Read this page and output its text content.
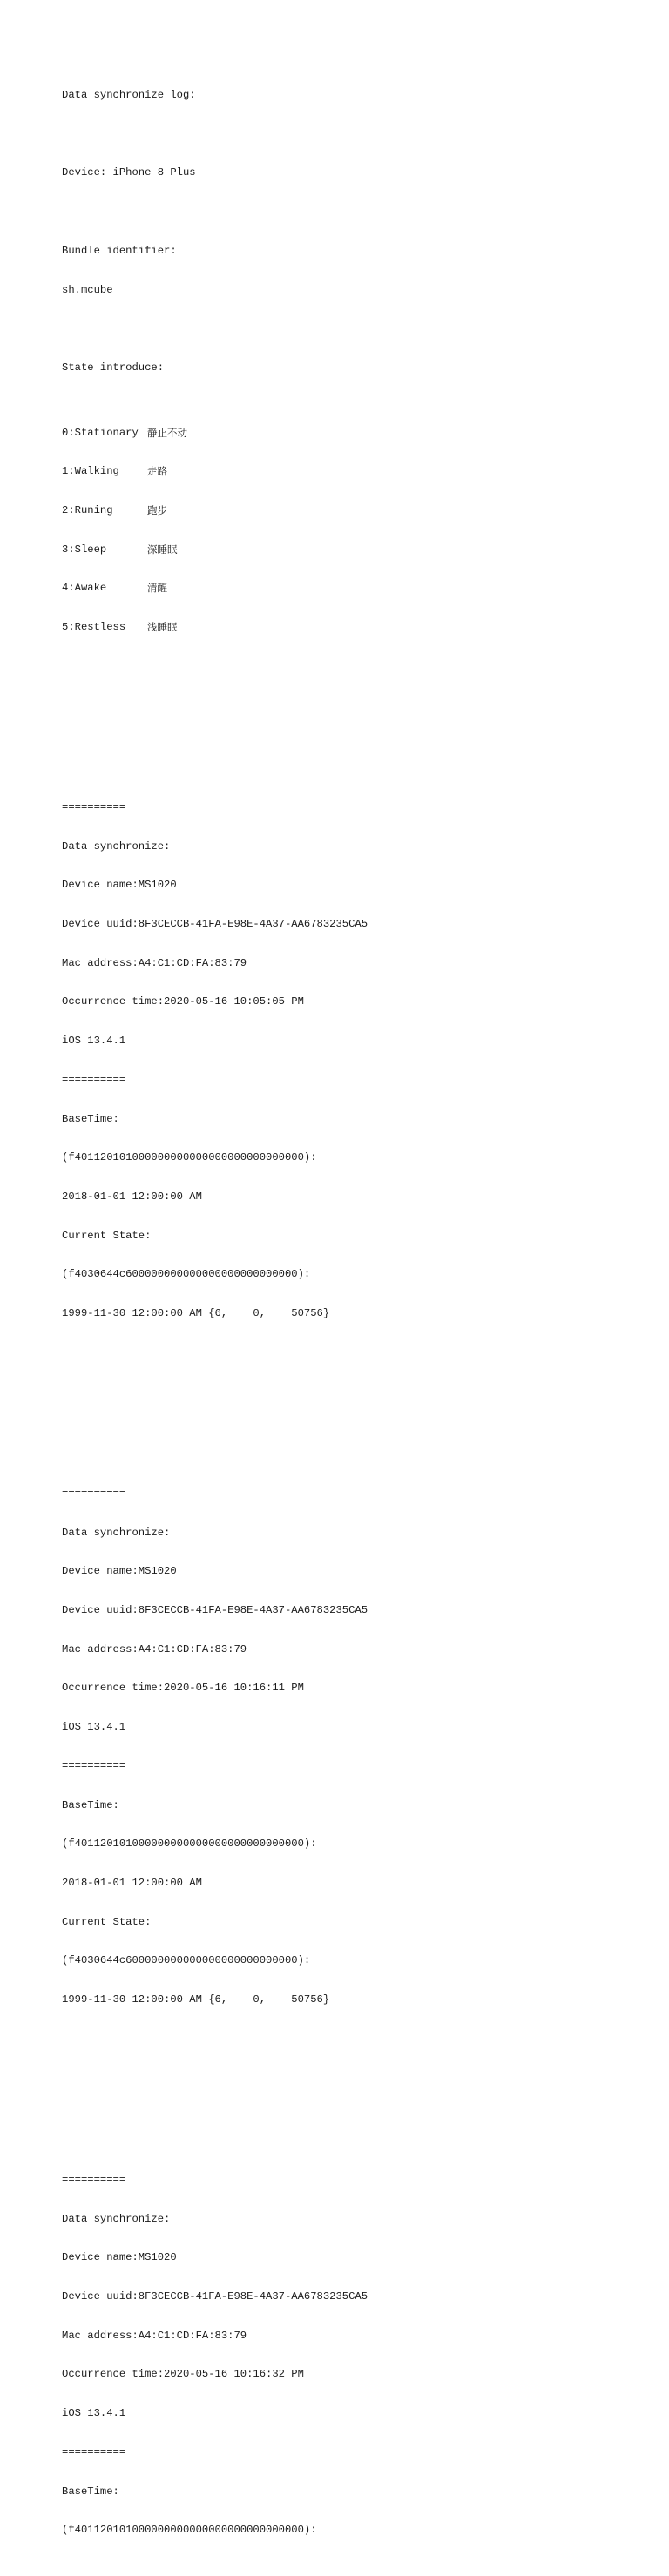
Data synchronize log:

Device: iPhone 8 Plus

Bundle identifier:

sh.mcube

State introduce:

0:Stationary 静止不动

1:Walking	走路

2:Runing	跑步

3:Sleep	深睡眠

4:Awake	清醒

5:Restless	浅睡眠

==========

Data synchronize:

Device name:MS1020

Device uuid:8F3CECCB-41FA-E98E-4A37-AA6783235CA5

Mac address:A4:C1:CD:FA:83:79

Occurrence time:2020-05-16 10:05:05 PM

iOS 13.4.1

==========

BaseTime:

(f401120101000000000000000000000000000):

2018-01-01 12:00:00 AM

Current State:

(f4030644c600000000000000000000000000):

1999-11-30 12:00:00 AM {6,    0,    50756}

==========

Data synchronize:

Device name:MS1020

Device uuid:8F3CECCB-41FA-E98E-4A37-AA6783235CA5

Mac address:A4:C1:CD:FA:83:79

Occurrence time:2020-05-16 10:16:11 PM

iOS 13.4.1

==========

BaseTime:

(f401120101000000000000000000000000000):

2018-01-01 12:00:00 AM

Current State:

(f4030644c600000000000000000000000000):

1999-11-30 12:00:00 AM {6,    0,    50756}

==========

Data synchronize:

Device name:MS1020

Device uuid:8F3CECCB-41FA-E98E-4A37-AA6783235CA5

Mac address:A4:C1:CD:FA:83:79

Occurrence time:2020-05-16 10:16:32 PM

iOS 13.4.1

==========

BaseTime:

(f401120101000000000000000000000000000):
